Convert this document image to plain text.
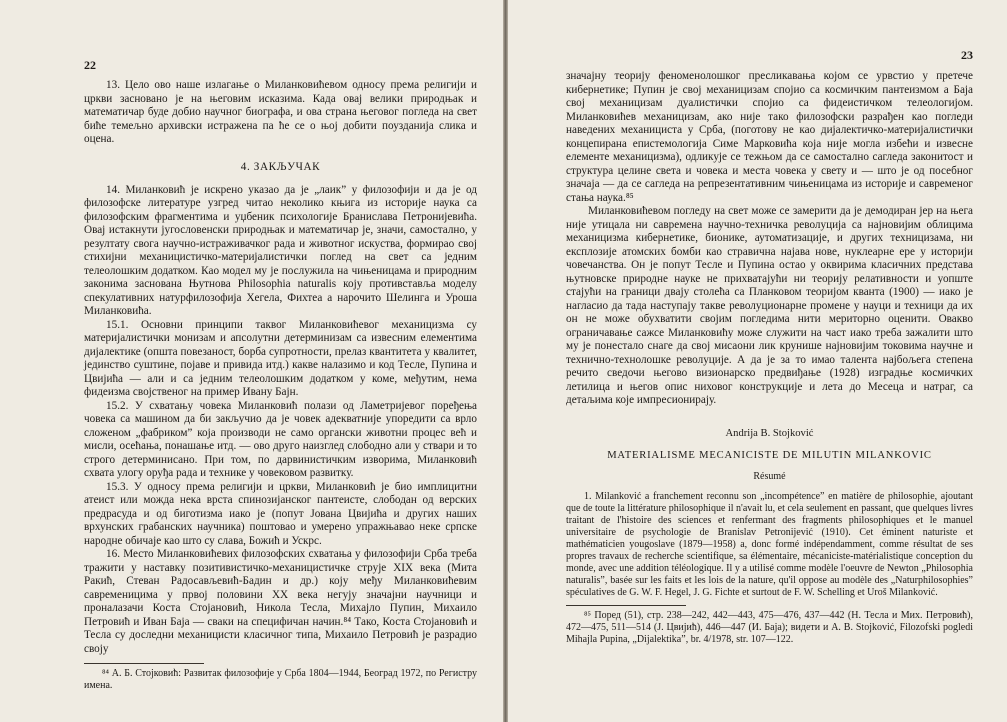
22

13. Цело ово наше излагање о Миланковићевом односу према религији и цркви засновано је на његовим исказима. Када овај велики природњак и математичар буде добио научног биографа, и ова страна његовог погледа на свет биће темељно архивски истражена па ће се о њој добити поузданија слика и оцена.

4. ЗАКЉУЧАК

14. Миланковић је искрено указао да је „лаик” у филозофији и да је од филозофске литературе узгред читао неколико књига из историје наука са филозофским фрагментима и уџбеник психологије Бранислава Петронијевића. Овај истакнути југословенски природњак и математичар је, значи, самостално, у резултату свога научно-истраживачког рада и животног искуства, формирао свој стихијни механицистичко-материјалистички поглед на свет са једним телеолошким додатком. Као модел му је послужила на чињеницама и природним законима заснована Њутнова Philosophia naturalis коју противставља моделу спекулативних натурфилозофија Хегела, Фихтеа а нарочито Шелинга и Уроша Миланковића.

15.1. Основни принципи таквог Миланковићевог механицизма су материјалистички монизам и апсолутни детерминизам са извесним елементима дијалектике (општа повезаност, борба супротности, прелаз квантитета у квалитет, јединство суштине, појаве и привида итд.) какве налазимо и код Тесле, Пупина и Цвијића — али и са једним телеолошким додатком у коме, међутим, нема фидеизма својственог на пример Ивану Бајн.

15.2. У схватању човека Миланковић полази од Ламетријевог поређења човека са машином да би закључио да је човек адекватније упоредити са врло сложеном „фабриком” која производи не само органски животни процес већ и мисли, осећања, понашање итд. — ово друго наизглед слободно али у ствари и то строго детерминисано. При том, по дарвинистичким изворима, Миланковић схвата улогу оруђа рада и технике у човековом развитку.

15.3. У односу према религији и цркви, Миланковић је био имплицитни атеист или можда нека врста спинозијанског пантеисте, слободан од верских предрасуда и од биготизма иако је (попут Јована Цвијића и других наших врхунских грабанских научника) поштовао и умерено упражњавао неке српске народне обичаје као што су слава, Божић и Ускрс.

16. Место Миланковићевих филозофских схватања у филозофији Срба треба тражити у наставку позитивистичко-механицистичке струје XIX века (Мита Ракић, Стеван Радосављевић-Бадин и др.) коју међу Миланковићевим савременицима у првој половини XX века негују значајни научници и проналазачи Коста Стојановић, Никола Тесла, Михајло Пупин, Михаило Петровић и Иван Бајa — сваки на специфичан начин.⁸⁴ Тако, Коста Стојановић и Тесла су доследни механицисти класичног типа, Михаило Петровић је разрадио своју

⁸⁴ А. Б. Стојковић: Развитак филозофије у Срба 1804—1944, Београд 1972, по Регистру имена.
23

значајну теорију феноменолошког пресликавања којом се урвстио у претече кибернетике; Пупин је свој механицизам спојио са космичким пантеизмом а Баја свој механицизам дуалистички спојио са фидеистичком телеологијом. Миланковићев механицизам, ако није тако филозофски разрађен као погледи наведених механициста у Срба, (поготову не као дијалектичко-материјалистички концепирана епистемологија Симе Марковића која није могла избећи и извесне елементе механицизма), одликује се тежњом да се самостално сагледа законитост и структура целине света и човека и места човека у свету и — што је од посебног значаја — да се сагледа на репрезентативним чињеницама из историје и савременог стања наука.⁸⁵

Миланковићевом погледу на свет може се замерити да је демодиран јер на њега није утицала ни савремена научно-техничка револуција са најновијим облицима механицизма кибернетике, бионике, аутоматизације, и других техницизама, ни експлозије атомских бомби као стравична најава нове, нуклеарне ере у историји човечанства. Он је попут Тесле и Пупина остао у оквирима класичних представа њутновске природне науке не прихватајући ни теорију релативности и уопште стајући на граници двају столећа са Планковом теоријом кванта (1900) — иако је нагласио да тада наступају такве револуционарне промене у науци и техници да их он не може обухватити својим погледима нити мериторно оценити. Овакво ограничавање сажсе Миланковићу може служити на част иако треба зажалити што му је понестало снаге да свој мисаони лик крунише најновијим токовима научне и технично-технолошке револуције. А да је за то имао талента најбољега степена речито сведочи његово визионарско предвиђање (1928) изградње космичких летилица и његов опис ниховог конструкције и лета до Месеца и натраг, са детаљима које импресионирају.

Andrija B. Stojković
MATERIALISME MECANICISTE DE MILUTIN MILANKOVIC
Résumé

1. Milanković a franchement reconnu son „incompétence” en matière de philosophie, ajoutant que de toute la littérature philosophique il n'avait lu, et cela seulement en passant, que quelques livres traitant de l'histoire des sciences et renfermant des fragments philosophiques et le manuel universitaire de psychologie de Branislav Petronijević (1910). Cet éminent naturiste et mathématicien yougoslave (1879—1958) a, donc formé indépendamment, comme résultat de ses propres travaux de recherche scientifique, sa élémentaire, mécaniciste-matérialistique conception du monde, avec une addition téléologique. Il y a utilisé comme modèle l'oeuvre de Newton „Philosophia naturalis”, basée sur les faits et les lois de la nature, qu'il oppose au modèle des „Naturphilosophies” spéculatives de G. W. F. Hegel, J. G. Fichte et surtout de F. W. Schelling et Uroš Milanković.

⁸⁵ Поред (51), стр. 238—242, 442—443, 475—476, 437—442 (Н. Тесла и Мих. Петровић), 472—475, 511—514 (Ј. Цвијић), 446—447 (И. Баја); видети и А. В. Stojković, Filozofski pogledi Mihajla Pupina, „Dijalektika”, br. 4/1978, str. 107—122.
